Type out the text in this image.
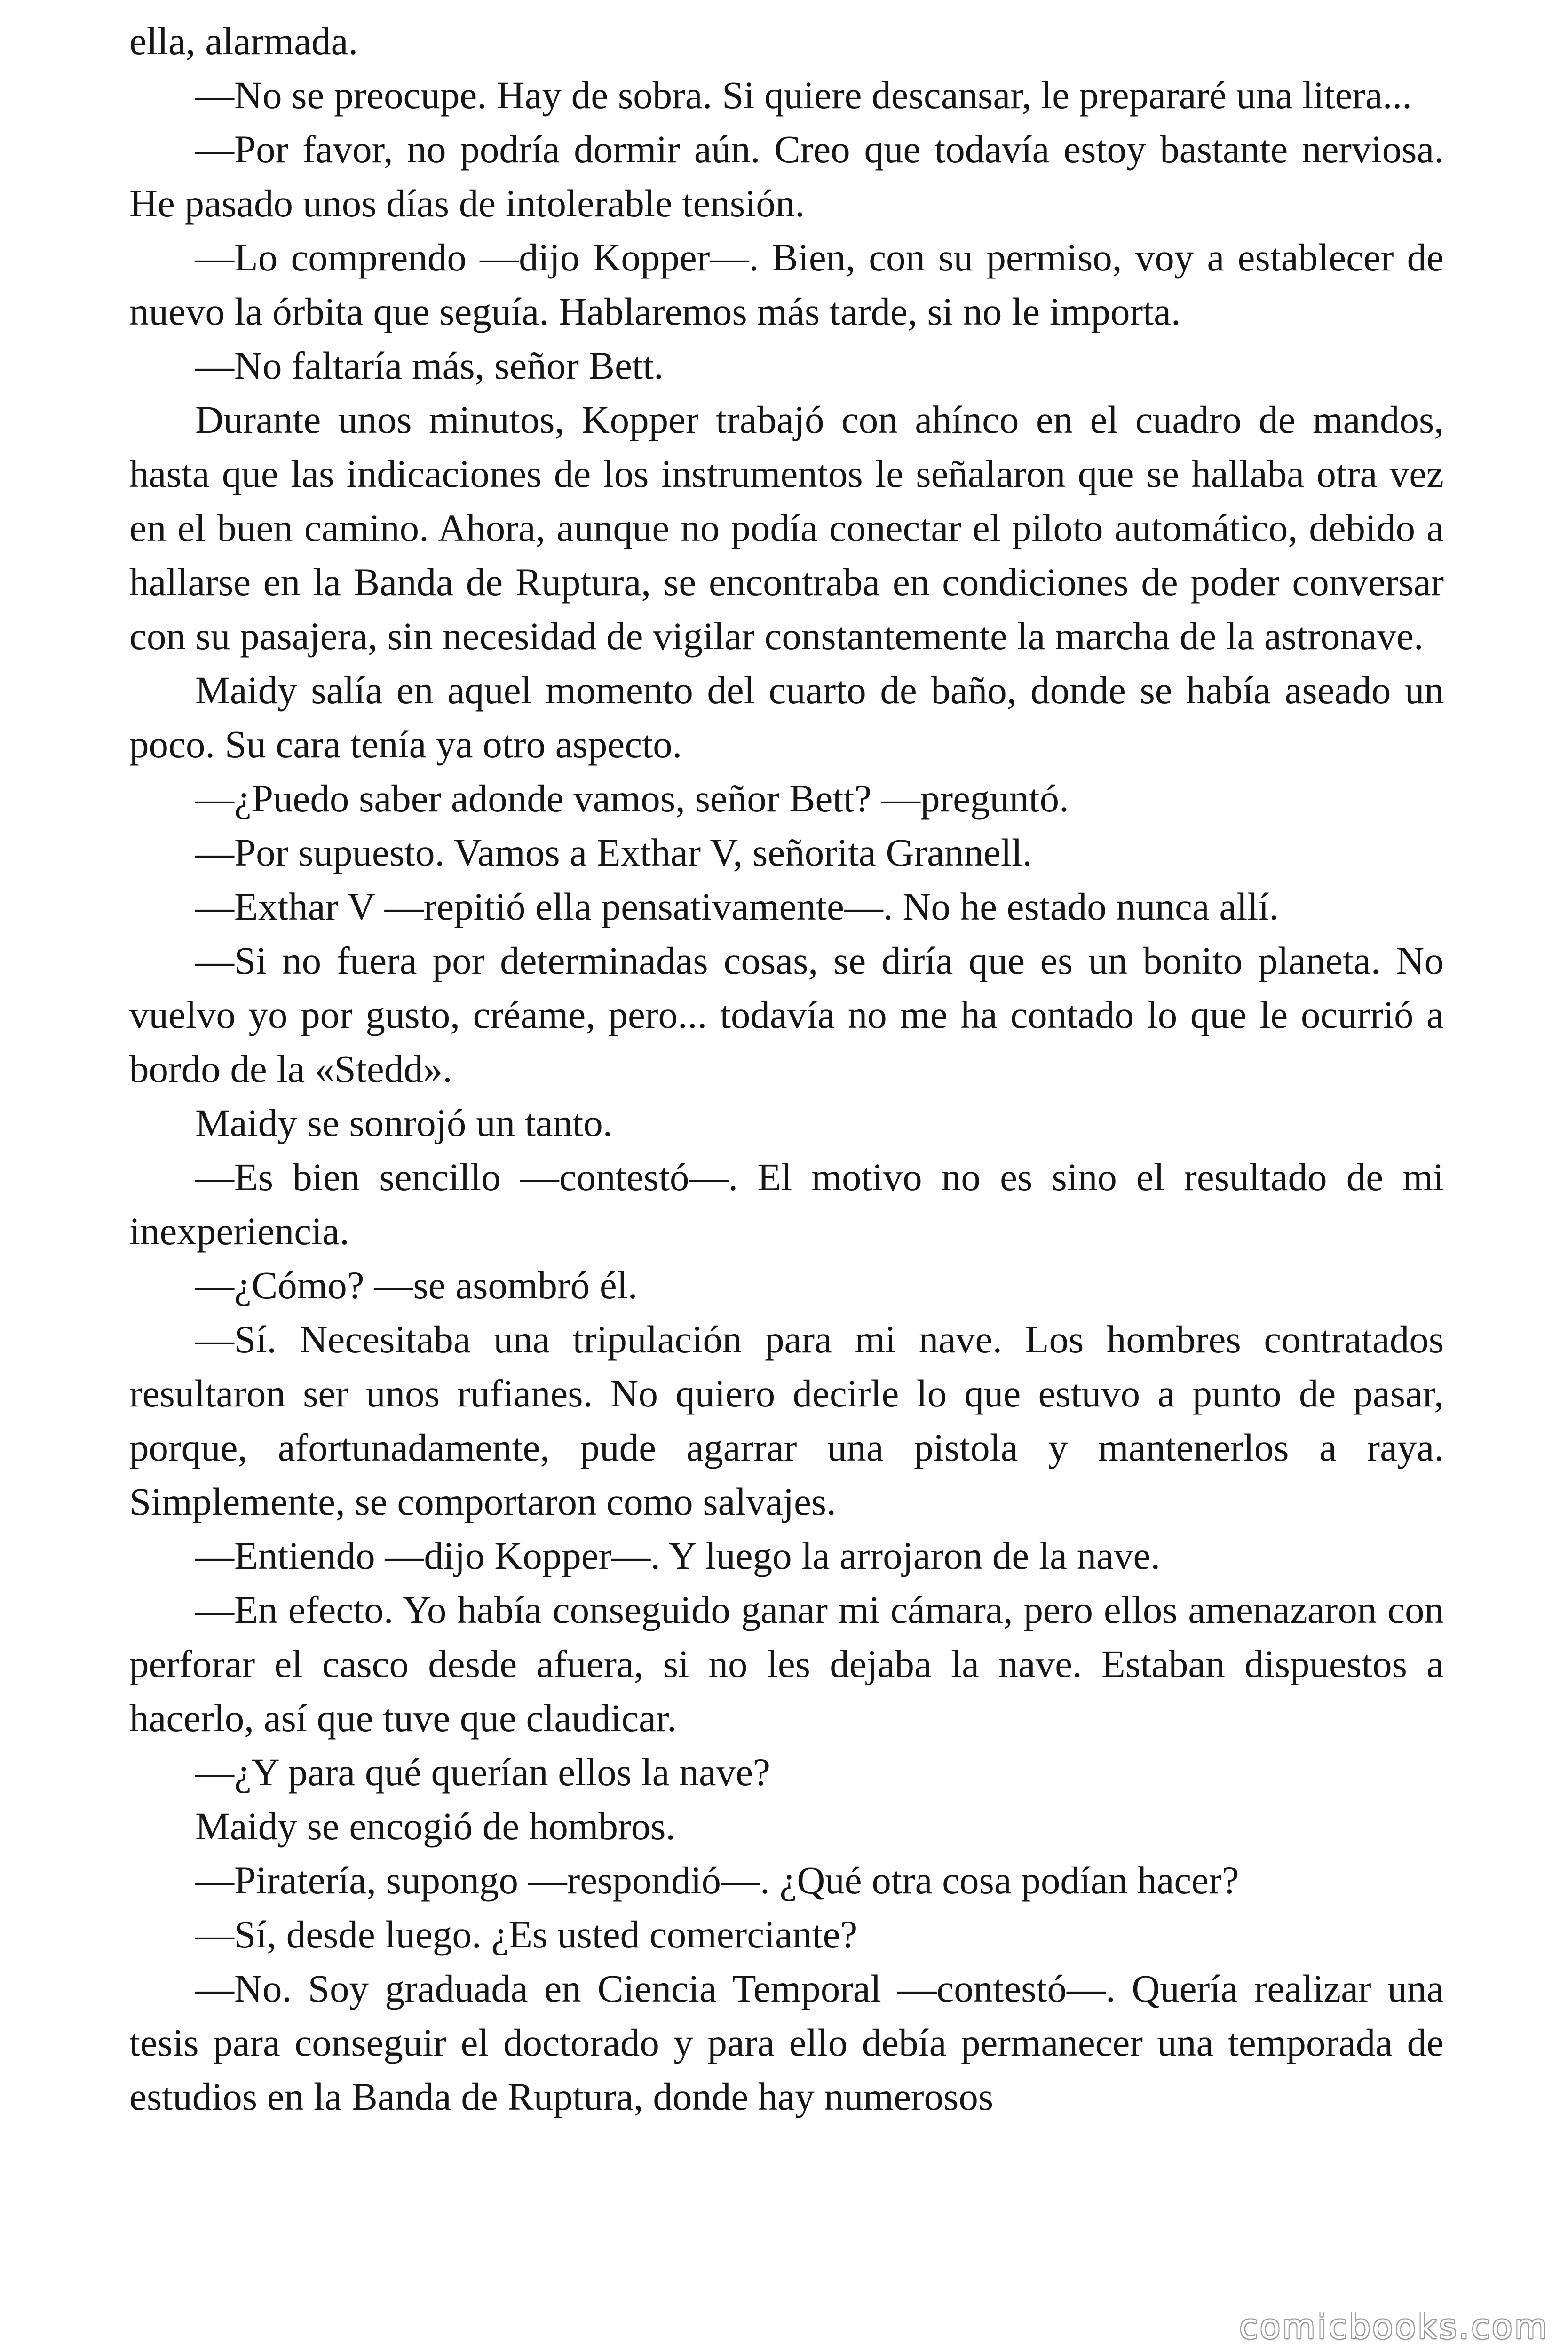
ella, alarmada.

—No se preocupe. Hay de sobra. Si quiere descansar, le prepararé una litera...

—Por favor, no podría dormir aún. Creo que todavía estoy bastante nerviosa. He pasado unos días de intolerable tensión.

—Lo comprendo —dijo Kopper—. Bien, con su permiso, voy a establecer de nuevo la órbita que seguía. Hablaremos más tarde, si no le importa.

—No faltaría más, señor Bett.

Durante unos minutos, Kopper trabajó con ahínco en el cuadro de mandos, hasta que las indicaciones de los instrumentos le señalaron que se hallaba otra vez en el buen camino. Ahora, aunque no podía conectar el piloto automático, debido a hallarse en la Banda de Ruptura, se encontraba en condiciones de poder conversar con su pasajera, sin necesidad de vigilar constantemente la marcha de la astronave.

Maidy salía en aquel momento del cuarto de baño, donde se había aseado un poco. Su cara tenía ya otro aspecto.

—¿Puedo saber adonde vamos, señor Bett? —preguntó.

—Por supuesto. Vamos a Exthar V, señorita Grannell.

—Exthar V —repitió ella pensativamente—. No he estado nunca allí.

—Si no fuera por determinadas cosas, se diría que es un bonito planeta. No vuelvo yo por gusto, créame, pero... todavía no me ha contado lo que le ocurrió a bordo de la «Stedd».

Maidy se sonrojó un tanto.

—Es bien sencillo —contestó—. El motivo no es sino el resultado de mi inexperiencia.

—¿Cómo? —se asombró él.

—Sí. Necesitaba una tripulación para mi nave. Los hombres contratados resultaron ser unos rufianes. No quiero decirle lo que estuvo a punto de pasar, porque, afortunadamente, pude agarrar una pistola y mantenerlos a raya. Simplemente, se comportaron como salvajes.

—Entiendo —dijo Kopper—. Y luego la arrojaron de la nave.

—En efecto. Yo había conseguido ganar mi cámara, pero ellos amenazaron con perforar el casco desde afuera, si no les dejaba la nave. Estaban dispuestos a hacerlo, así que tuve que claudicar.

—¿Y para qué querían ellos la nave?

Maidy se encogió de hombros.

—Piratería, supongo —respondió—. ¿Qué otra cosa podían hacer?

—Sí, desde luego. ¿Es usted comerciante?

—No. Soy graduada en Ciencia Temporal —contestó—. Quería realizar una tesis para conseguir el doctorado y para ello debía permanecer una temporada de estudios en la Banda de Ruptura, donde hay numerosos

comicbooks.com
